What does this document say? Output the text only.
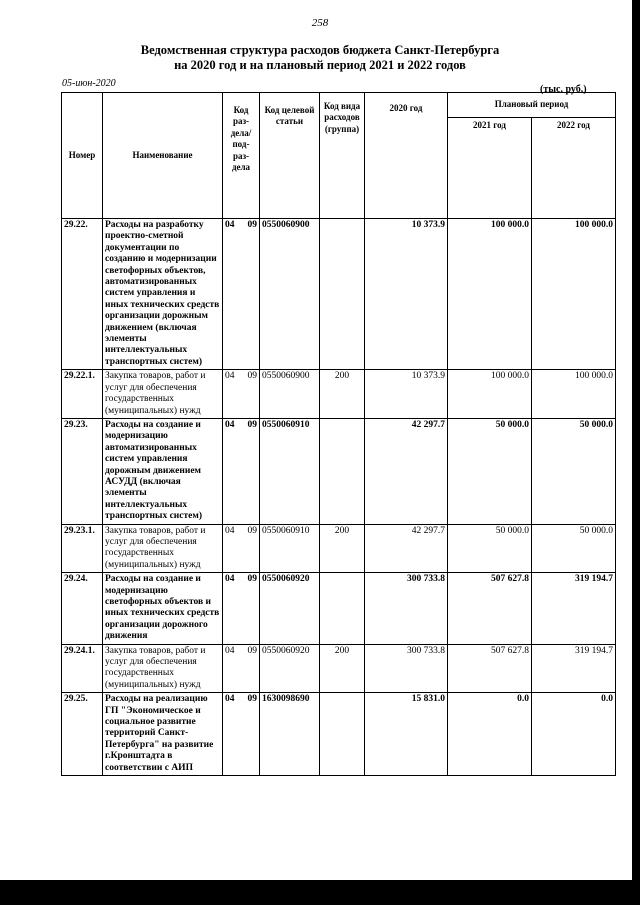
258
Ведомственная структура расходов бюджета Санкт-Петербурга
на 2020 год и на плановый период 2021 и 2022 годов
05-июн-2020
(тыс. руб.)
Номер	Наименование	Код раз-дела/ под-раз-дела	Код целевой статьи	Код вида расходов (группа)	2020 год	Плановый период	
						2021 год	2022 год
29.22.	Расходы на разработку проектно-сметной документации по созданию и модернизации светофорных объектов, автоматизированных систем управления и иных технических средств организации дорожным движением (включая элементы интеллектуальных транспортных систем)	04 09	0550060900		10 373.9	100 000.0	100 000.0
29.22.1.	Закупка товаров, работ и услуг для обеспечения государственных (муниципальных) нужд	04 09	0550060900	200	10 373.9	100 000.0	100 000.0
29.23.	Расходы на создание и модернизацию автоматизированных систем управления дорожным движением АСУДД (включая элементы интеллектуальных транспортных систем)	04 09	0550060910		42 297.7	50 000.0	50 000.0
29.23.1.	Закупка товаров, работ и услуг для обеспечения государственных (муниципальных) нужд	04 09	0550060910	200	42 297.7	50 000.0	50 000.0
29.24.	Расходы на создание и модернизацию светофорных объектов и иных технических средств организации дорожного движения	04 09	0550060920		300 733.8	507 627.8	319 194.7
29.24.1.	Закупка товаров, работ и услуг для обеспечения государственных (муниципальных) нужд	04 09	0550060920	200	300 733.8	507 627.8	319 194.7
29.25.	Расходы на реализацию ГП "Экономическое и социальное развитие территорий Санкт-Петербурга" на развитие г.Кронштадта в соответствии с АИП	04 09	1630098690		15 831.0	0.0	0.0
